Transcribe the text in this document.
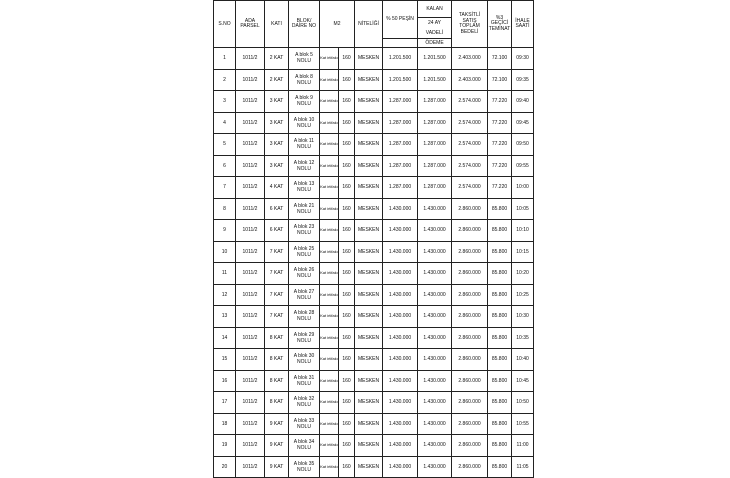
S.NO	ADA PARSEL	KATI	BLOK/ DAİRE NO	M2		NİTELİĞİ	% 50 PEŞİN	KALAN	TAKSİTLİ SATIŞ TOPLAM BEDELİ	%3 GEÇİCİ TEMİNAT	İHALE SAATİ

								24 AY
VADELİ			

								ÖDEME			
1	1011/2	2 KAT	A blok 5 NOLU	Kat irtifakı	160	MESKEN	1.201.500	1.201.500	2.403.000	72.100	09:30
2	1011/2	2 KAT	A blok 8 NOLU	Kat irtifakı	160	MESKEN	1.201.500	1.201.500	2.403.000	72.100	09:35
3	1011/2	3 KAT	A blok 9 NOLU	Kat irtifakı	160	MESKEN	1.287.000	1.287.000	2.574.000	77.220	09:40
4	1011/2	3 KAT	A blok 10 NOLU	Kat irtifakı	160	MESKEN	1.287.000	1.287.000	2.574.000	77.220	09:45
5	1011/2	3 KAT	A blok 11 NOLU	Kat irtifakı	160	MESKEN	1.287.000	1.287.000	2.574.000	77.220	09:50
6	1011/2	3 KAT	A blok 12 NOLU	Kat irtifakı	160	MESKEN	1.287.000	1.287.000	2.574.000	77.220	09:55
7	1011/2	4 KAT	A blok 13 NOLU	Kat irtifakı	160	MESKEN	1.287.000	1.287.000	2.574.000	77.220	10:00
8	1011/2	6 KAT	A blok 21 NOLU	Kat irtifakı	160	MESKEN	1.430.000	1.430.000	2.860.000	85.800	10:05
9	1011/2	6 KAT	A blok 23 NOLU	Kat irtifakı	160	MESKEN	1.430.000	1.430.000	2.860.000	85.800	10:10
10	1011/2	7 KAT	A blok 25 NOLU	Kat irtifakı	160	MESKEN	1.430.000	1.430.000	2.860.000	85.800	10:15
11	1011/2	7 KAT	A blok 26 NOLU	Kat irtifakı	160	MESKEN	1.430.000	1.430.000	2.860.000	85.800	10:20
12	1011/2	7 KAT	A blok 27 NOLU	Kat irtifakı	160	MESKEN	1.430.000	1.430.000	2.860.000	85.800	10:25
13	1011/2	7 KAT	A blok 28 NOLU	Kat irtifakı	160	MESKEN	1.430.000	1.430.000	2.860.000	85.800	10:30
14	1011/2	8 KAT	A blok 29 NOLU	Kat irtifakı	160	MESKEN	1.430.000	1.430.000	2.860.000	85.800	10:35
15	1011/2	8 KAT	A blok 30 NOLU	Kat irtifakı	160	MESKEN	1.430.000	1.430.000	2.860.000	85.800	10:40
16	1011/2	8 KAT	A blok 31 NOLU	Kat irtifakı	160	MESKEN	1.430.000	1.430.000	2.860.000	85.800	10:45
17	1011/2	8 KAT	A blok 32 NOLU	Kat irtifakı	160	MESKEN	1.430.000	1.430.000	2.860.000	85.800	10:50
18	1011/2	9 KAT	A blok 33 NOLU	Kat irtifakı	160	MESKEN	1.430.000	1.430.000	2.860.000	85.800	10:55
19	1011/2	9 KAT	A blok 34 NOLU	Kat irtifakı	160	MESKEN	1.430.000	1.430.000	2.860.000	85.800	11:00
20	1011/2	9 KAT	A blok 35 NOLU	Kat irtifakı	160	MESKEN	1.430.000	1.430.000	2.860.000	85.800	11:05
